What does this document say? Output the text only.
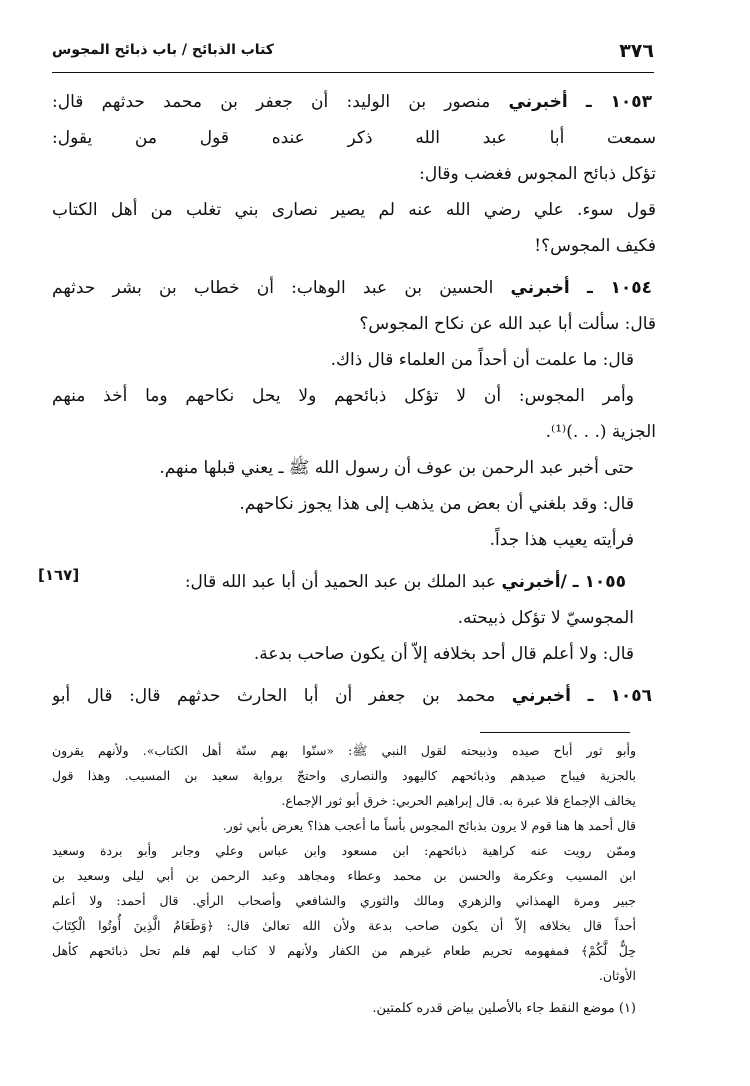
٣٧٦
كتاب الذبائح / باب ذبائح المجوس
[١٦٧]
١٠٥٣ ـ أخبرني منصور بن الوليد: أن جعفر بن محمد حدثهم قال:
سمعت أبا عبد الله ذكر عنده قول من يقول:
تؤكل ذبائح المجوس فغضب وقال:
قول سوء. علي رضي الله عنه لم يصير نصارى بني تغلب من أهل الكتاب
فكيف المجوس؟!
١٠٥٤ ـ أخبرني الحسين بن عبد الوهاب: أن خطاب بن بشر حدثهم
قال: سألت أبا عبد الله عن نكاح المجوس؟
قال: ما علمت أن أحداً من العلماء قال ذاك.
وأمر المجوس: أن لا تؤكل ذبائحهم ولا يحل نكاحهم وما أخذ منهم
الجزية (. . .)⁽¹⁾.
حتى أخبر عبد الرحمن بن عوف أن رسول الله ﷺ ـ يعني قبلها منهم.
قال: وقد بلغني أن بعض من يذهب إلى هذا يجوز نكاحهم.
فرأيته يعيب هذا جداً.
١٠٥٥ ـ /أخبرني عبد الملك بن عبد الحميد أن أبا عبد الله قال:
المجوسيّ لا تؤكل ذبيحته.
قال: ولا أعلم قال أحد بخلافه إلاّ أن يكون صاحب بدعة.
١٠٥٦ ـ أخبرني محمد بن جعفر أن أبا الحارث حدثهم قال: قال أبو
وأبو ثور أباح صيده وذبيحته لقول النبي ﷺ: «سنّوا بهم سنّة أهل الكتاب». ولأنهم يقرون
بالجزية فيباح صيدهم وذبائحهم كاليهود والنصارى واحتجّ برواية سعيد بن المسيب. وهذا قول
يخالف الإجماع فلا عبرة به. قال إبراهيم الحربي: خرق أبو ثور الإجماع.
قال أحمد ها هنا قوم لا يرون بذبائح المجوس بأساً ما أعجب هذا؟ يعرض بأبي ثور.
وممّن رويت عنه كراهية ذبائحهم: ابن مسعود وابن عباس وعلي وجابر وأبو بردة وسعيد
ابن المسيب وعكرمة والحسن بن محمد وعطاء ومجاهد وعبد الرحمن بن أبي ليلى وسعيد بن
جبير ومرة الهمذاني والزهري ومالك والثوري والشافعي وأصحاب الرأي. قال أحمد: ولا أعلم
أحداً قال بخلافه إلاّ أن يكون صاحب بدعة ولأن الله تعالىٰ قال: ﴿وَطَعَامُ الَّذِينَ أُوتُوا الْكِتَابَ
حِلٌّ لَّكُمْ﴾ فمفهومه تحريم طعام غيرهم من الكفار ولأنهم لا كتاب لهم فلم تحل ذبائحهم كأهل
الأوثان.
(١) موضع النقط جاء بالأصلين بياض قدره كلمتين.
